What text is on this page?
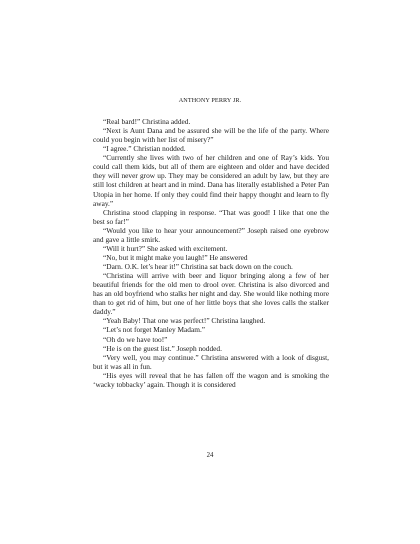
ANTHONY PERRY JR.

“Real bard!” Christina added.

“Next is Aunt Dana and be assured she will be the life of the party. Where could you begin with her list of misery?”

“I agree.” Christian nodded.

“Currently she lives with two of her children and one of Ray’s kids. You could call them kids, but all of them are eighteen and older and have decided they will never grow up. They may be considered an adult by law, but they are still lost children at heart and in mind. Dana has literally established a Peter Pan Utopia in her home. If only they could find their happy thought and learn to fly away.”

Christina stood clapping in response. “That was good! I like that one the best so far!”

“Would you like to hear your announcement?” Joseph raised one eyebrow and gave a little smirk.

“Will it hurt?” She asked with excitement.

“No, but it might make you laugh!” He answered

“Darn. O.K. let’s hear it!” Christina sat back down on the couch.

“Christina will arrive with beer and liquor bringing along a few of her beautiful friends for the old men to drool over. Christina is also divorced and has an old boyfriend who stalks her night and day. She would like nothing more than to get rid of him, but one of her little boys that she loves calls the stalker daddy.”

“Yeah Baby! That one was perfect!” Christina laughed.

“Let’s not forget Manley Madam.”

“Oh do we have too!”

“He is on the guest list.” Joseph nodded.

“Very well, you may continue.” Christina answered with a look of disgust, but it was all in fun.

“His eyes will reveal that he has fallen off the wagon and is smoking the ‘wacky tobbacky’ again. Though it is considered

24
